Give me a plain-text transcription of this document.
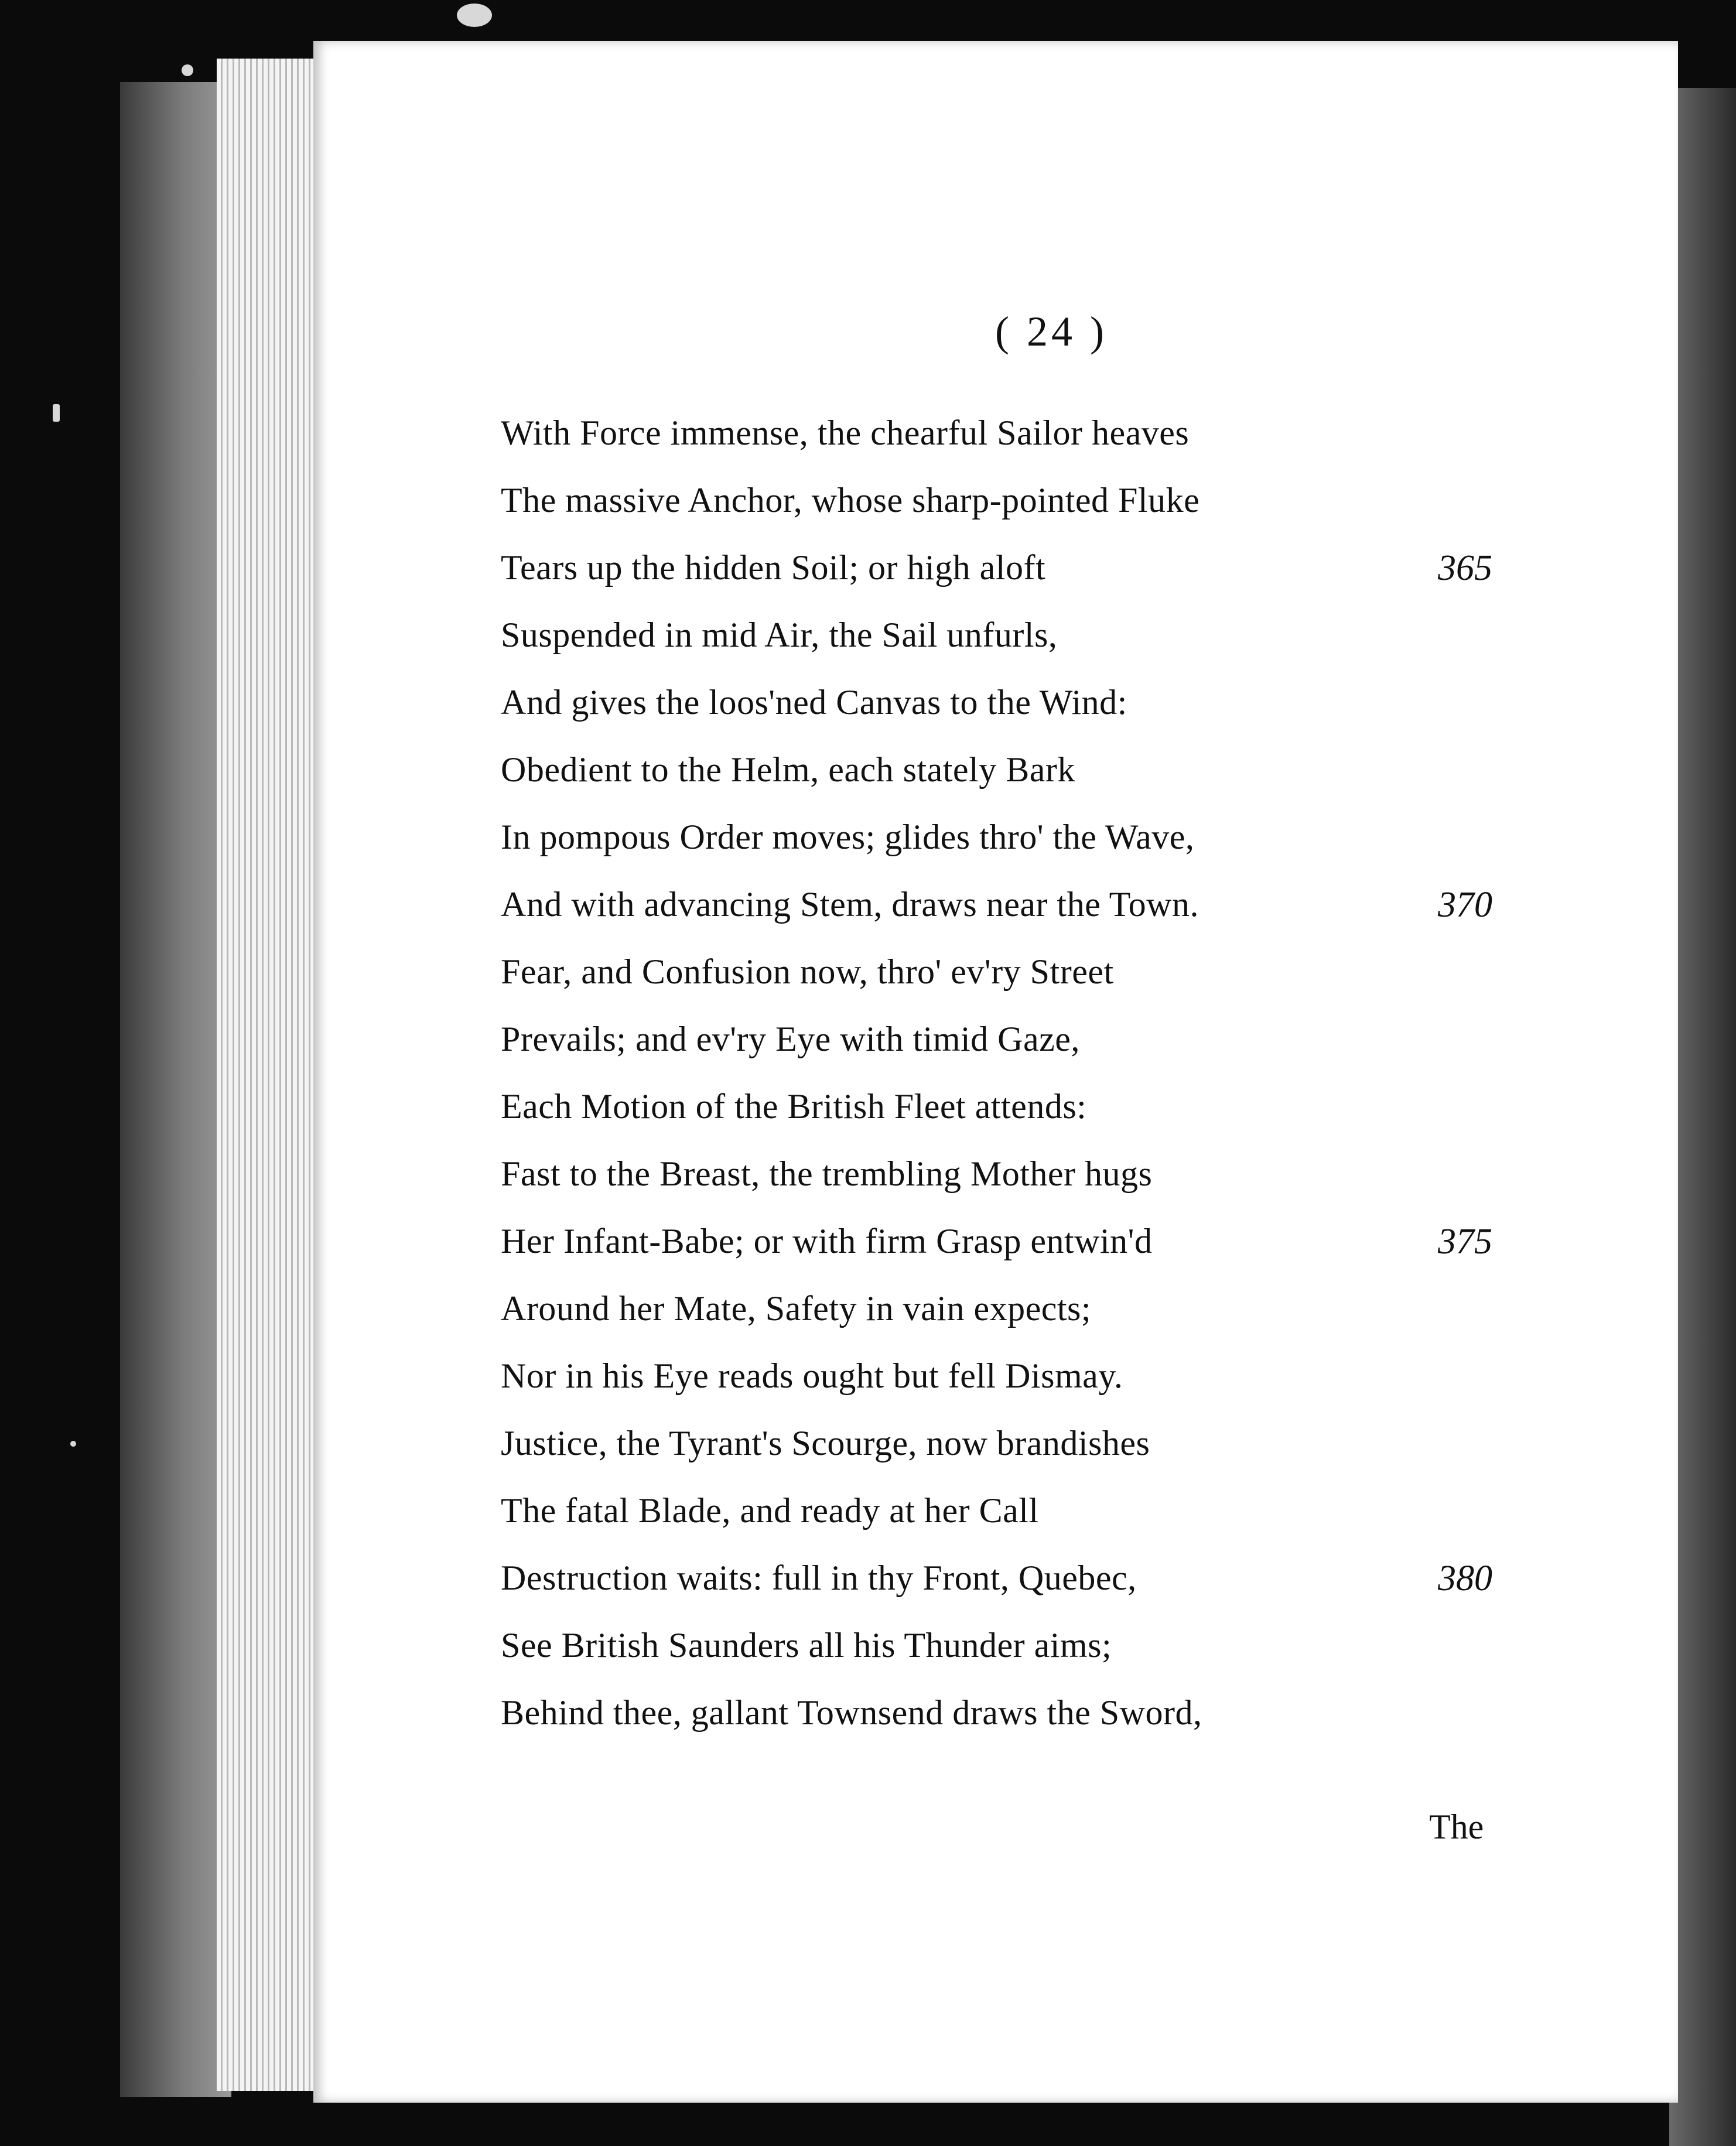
( 24 )
With Force immense, the chearful Sailor heaves
The massive Anchor, whose sharp-pointed Fluke
Tears up the hidden Soil; or high aloft
Suspended in mid Air, the Sail unfurls,
And gives the loos'ned Canvas to the Wind:
Obedient to the Helm, each stately Bark
In pompous Order moves; glides thro' the Wave,
And with advancing Stem, draws near the Town.
Fear, and Confusion now, thro' ev'ry Street
Prevails; and ev'ry Eye with timid Gaze,
Each Motion of the British Fleet attends:
Fast to the Breast, the trembling Mother hugs
Her Infant-Babe; or with firm Grasp entwin'd
Around her Mate, Safety in vain expects;
Nor in his Eye reads ought but fell Dismay.
Justice, the Tyrant's Scourge, now brandishes
The fatal Blade, and ready at her Call
Destruction waits: full in thy Front, Quebec,
See British Saunders all his Thunder aims;
Behind thee, gallant Townsend draws the Sword,
365
370
375
380
The
